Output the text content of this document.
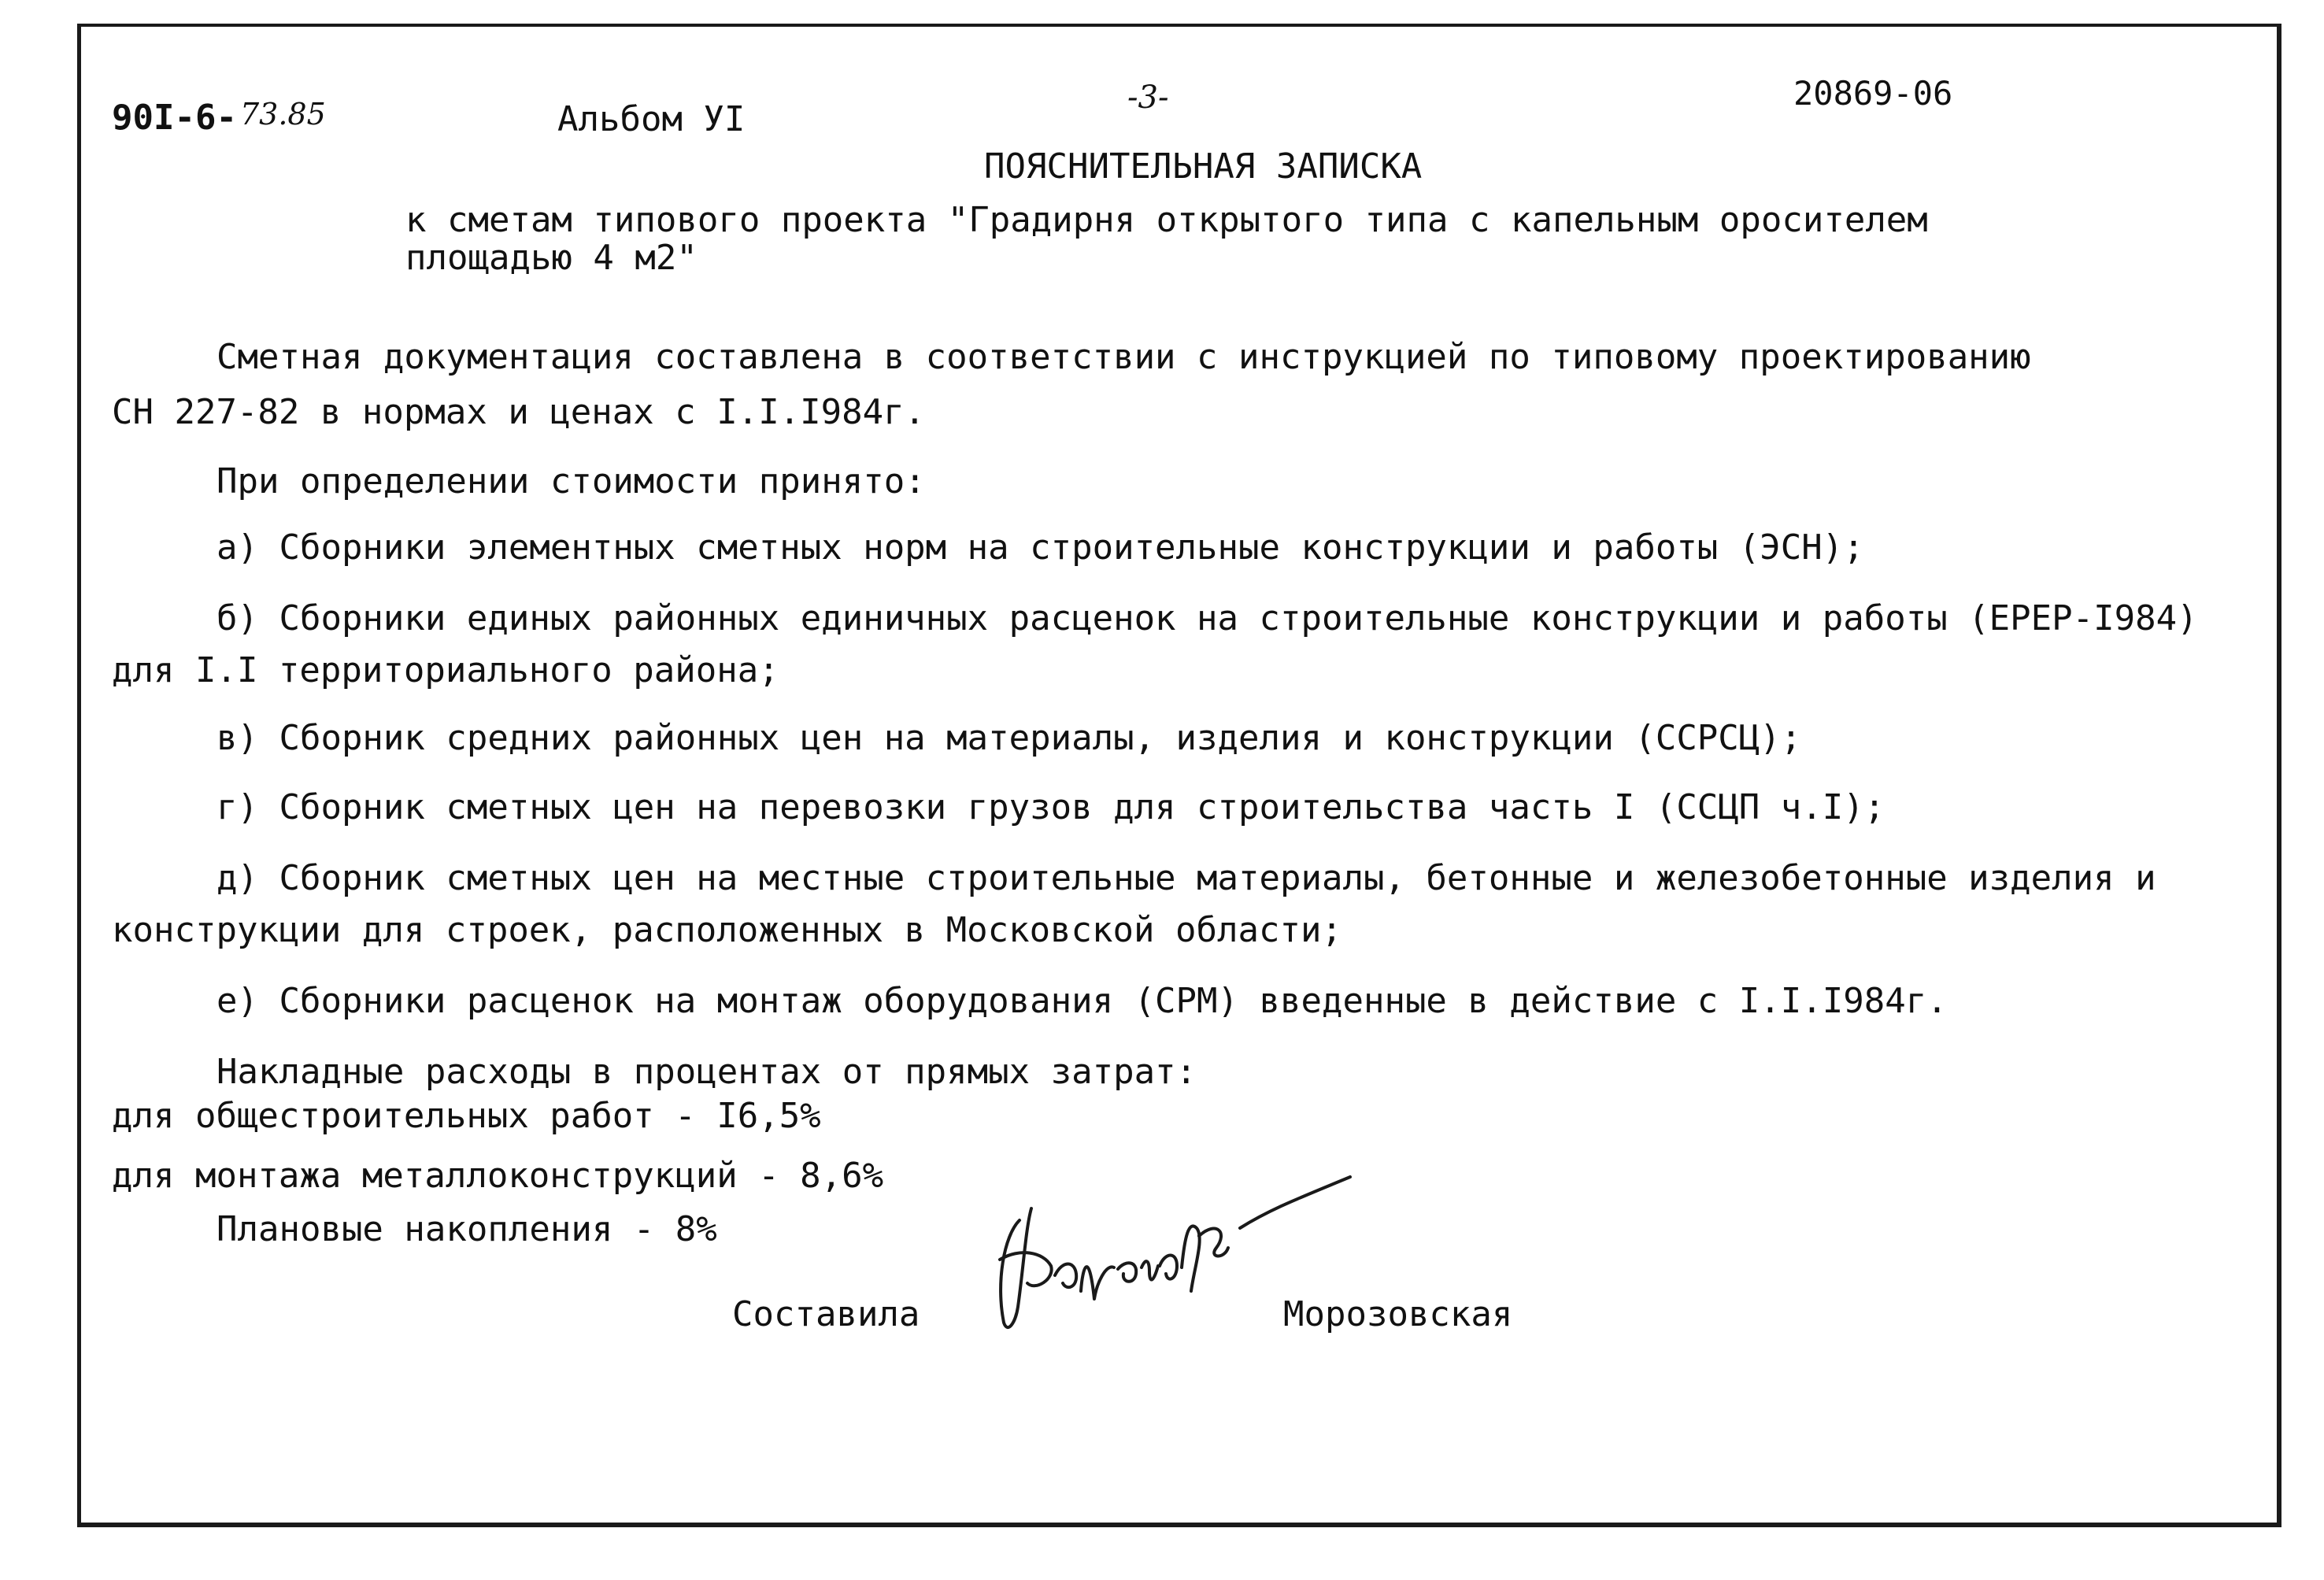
90I-6- 73.85	Альбом УI
-3-	20869-06
ПОЯСНИТЕЛЬНАЯ ЗАПИСКА
к сметам типового проекта "Градирня открытого типа с капельным оросителем
площадью 4 м2"
Сметная документация составлена в соответствии с инструкцией по типовому проектированию
СН 227-82 в нормах и ценах с I.I.I984г.
При определении стоимости принято:
а) Сборники элементных сметных норм на строительные конструкции и работы (ЭСН);
б) Сборники единых районных единичных расценок на строительные конструкции и работы (ЕРЕР-I984)
для I.I территориального района;
в) Сборник средних районных цен на материалы, изделия и конструкции (ССРСЦ);
г) Сборник сметных цен на перевозки грузов для строительства часть I (ССЦП ч.I);
д) Сборник сметных цен на местные строительные материалы, бетонные и железобетонные изделия и
конструкции для строек, расположенных в Московской области;
е) Сборники расценок на монтаж оборудования (СРМ) введенные в действие с I.I.I984г.
Накладные расходы в процентах от прямых затрат:
для общестроительных работ - I6,5%
для монтажа металлоконструкций - 8,6%
Плановые накопления - 8%
Составила	Морозовская
